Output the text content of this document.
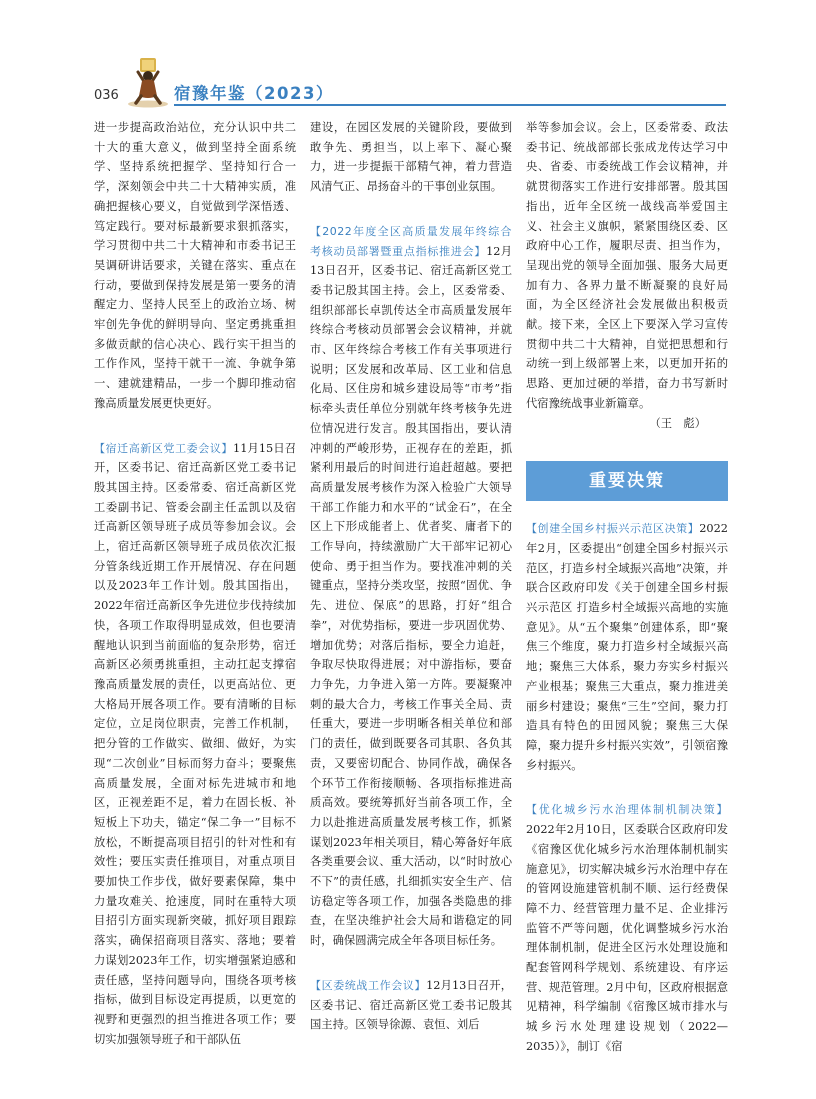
036	宿豫年鉴（2023）

进一步提高政治站位，充分认识中共二十大的重大意义，做到坚持全面系统学、坚持系统把握学、坚持知行合一学，深刻领会中共二十大精神实质，准确把握核心要义，自觉做到学深悟透、笃定践行。要对标最新要求狠抓落实，学习贯彻中共二十大精神和市委书记王昊调研讲话要求，关键在落实、重点在行动，要做到保持发展是第一要务的清醒定力、坚持人民至上的政治立场、树牢创先争优的鲜明导向、坚定勇挑重担多做贡献的信心决心、践行实干担当的工作作风，坚持干就干一流、争就争第一、建就建精品，一步一个脚印推动宿豫高质量发展更快更好。

【宿迁高新区党工委会议】11月15日召开，区委书记、宿迁高新区党工委书记殷其国主持。区委常委、宿迁高新区党工委副书记、管委会副主任孟凯以及宿迁高新区领导班子成员等参加会议。会上，宿迁高新区领导班子成员依次汇报分管条线近期工作开展情况、存在问题以及2023年工作计划。殷其国指出，2022年宿迁高新区争先进位步伐持续加快，各项工作取得明显成效，但也要清醒地认识到当前面临的复杂形势，宿迁高新区必须勇挑重担，主动扛起支撑宿豫高质量发展的责任，以更高站位、更大格局开展各项工作。要有清晰的目标定位，立足岗位职责，完善工作机制，把分管的工作做实、做细、做好，为实现“二次创业”目标而努力奋斗；要聚焦高质量发展，全面对标先进城市和地区，正视差距不足，着力在固长板、补短板上下功夫，锚定“保二争一”目标不放松，不断提高项目招引的针对性和有效性；要压实责任推项目，对重点项目要加快工作步伐，做好要素保障，集中力量攻难关、抢速度，同时在重特大项目招引方面实现新突破，抓好项目跟踪落实，确保招商项目落实、落地；要着力谋划2023年工作，切实增强紧迫感和责任感，坚持问题导向，围绕各项考核指标，做到目标设定再提质，以更宽的视野和更强烈的担当推进各项工作；要切实加强领导班子和干部队伍

建设，在园区发展的关键阶段，要做到敢争先、勇担当，以上率下、凝心聚力，进一步提振干部精气神，着力营造风清气正、昂扬奋斗的干事创业氛围。

【2022年度全区高质量发展年终综合考核动员部署暨重点指标推进会】12月13日召开，区委书记、宿迁高新区党工委书记殷其国主持。会上，区委常委、组织部部长卓凯传达全市高质量发展年终综合考核动员部署会会议精神，并就市、区年终综合考核工作有关事项进行说明；区发展和改革局、区工业和信息化局、区住房和城乡建设局等“市考”指标牵头责任单位分别就年终考核争先进位情况进行发言。殷其国指出，要认清冲刺的严峻形势，正视存在的差距，抓紧利用最后的时间进行追赶超越。要把高质量发展考核作为深入检验广大领导干部工作能力和水平的“试金石”，在全区上下形成能者上、优者奖、庸者下的工作导向，持续激励广大干部牢记初心使命、勇于担当作为。要找准冲刺的关键重点，坚持分类攻坚，按照“固优、争先、进位、保底”的思路，打好“组合拳”，对优势指标，要进一步巩固优势、增加优势；对落后指标，要全力追赶，争取尽快取得进展；对中游指标，要奋力争先，力争进入第一方阵。要凝聚冲刺的最大合力，考核工作事关全局、责任重大，要进一步明晰各相关单位和部门的责任，做到既要各司其职、各负其责，又要密切配合、协同作战，确保各个环节工作衔接顺畅、各项指标推进高质高效。要统筹抓好当前各项工作，全力以赴推进高质量发展考核工作，抓紧谋划2023年相关项目，精心筹备好年底各类重要会议、重大活动，以“时时放心不下”的责任感，扎细抓实安全生产、信访稳定等各项工作，加强各类隐患的排查，在坚决维护社会大局和谐稳定的同时，确保圆满完成全年各项目标任务。

【区委统战工作会议】12月13日召开，区委书记、宿迁高新区党工委书记殷其国主持。区领导徐源、袁恒、刘后

举等参加会议。会上，区委常委、政法委书记、统战部部长张成龙传达学习中央、省委、市委统战工作会议精神，并就贯彻落实工作进行安排部署。殷其国指出，近年全区统一战线高举爱国主义、社会主义旗帜，紧紧围绕区委、区政府中心工作，履职尽责、担当作为，呈现出党的领导全面加强、服务大局更加有力、各界力量不断凝聚的良好局面，为全区经济社会发展做出积极贡献。接下来，全区上下要深入学习宣传贯彻中共二十大精神，自觉把思想和行动统一到上级部署上来，以更加开拓的思路、更加过硬的举措，奋力书写新时代宿豫统战事业新篇章。

（王　彪）

重要决策

【创建全国乡村振兴示范区决策】2022年2月，区委提出“创建全国乡村振兴示范区，打造乡村全域振兴高地”决策，并联合区政府印发《关于创建全国乡村振兴示范区 打造乡村全域振兴高地的实施意见》。从“五个聚集”创建体系，即“聚焦三个维度，聚力打造乡村全域振兴高地；聚焦三大体系，聚力夯实乡村振兴产业根基；聚焦三大重点，聚力推进美丽乡村建设；聚焦“三生”空间，聚力打造具有特色的田园风貌；聚焦三大保障，聚力提升乡村振兴实效”，引领宿豫乡村振兴。

【优化城乡污水治理体制机制决策】2022年2月10日，区委联合区政府印发《宿豫区优化城乡污水治理体制机制实施意见》，切实解决城乡污水治理中存在的管网设施建管机制不顺、运行经费保障不力、经营管理力量不足、企业排污监管不严等问题，优化调整城乡污水治理体制机制，促进全区污水处理设施和配套管网科学规划、系统建设、有序运营、规范管理。2月中旬，区政府根据意见精神，科学编制《宿豫区城市排水与城乡污水处理建设规划（2022—2035）》，制订《宿
